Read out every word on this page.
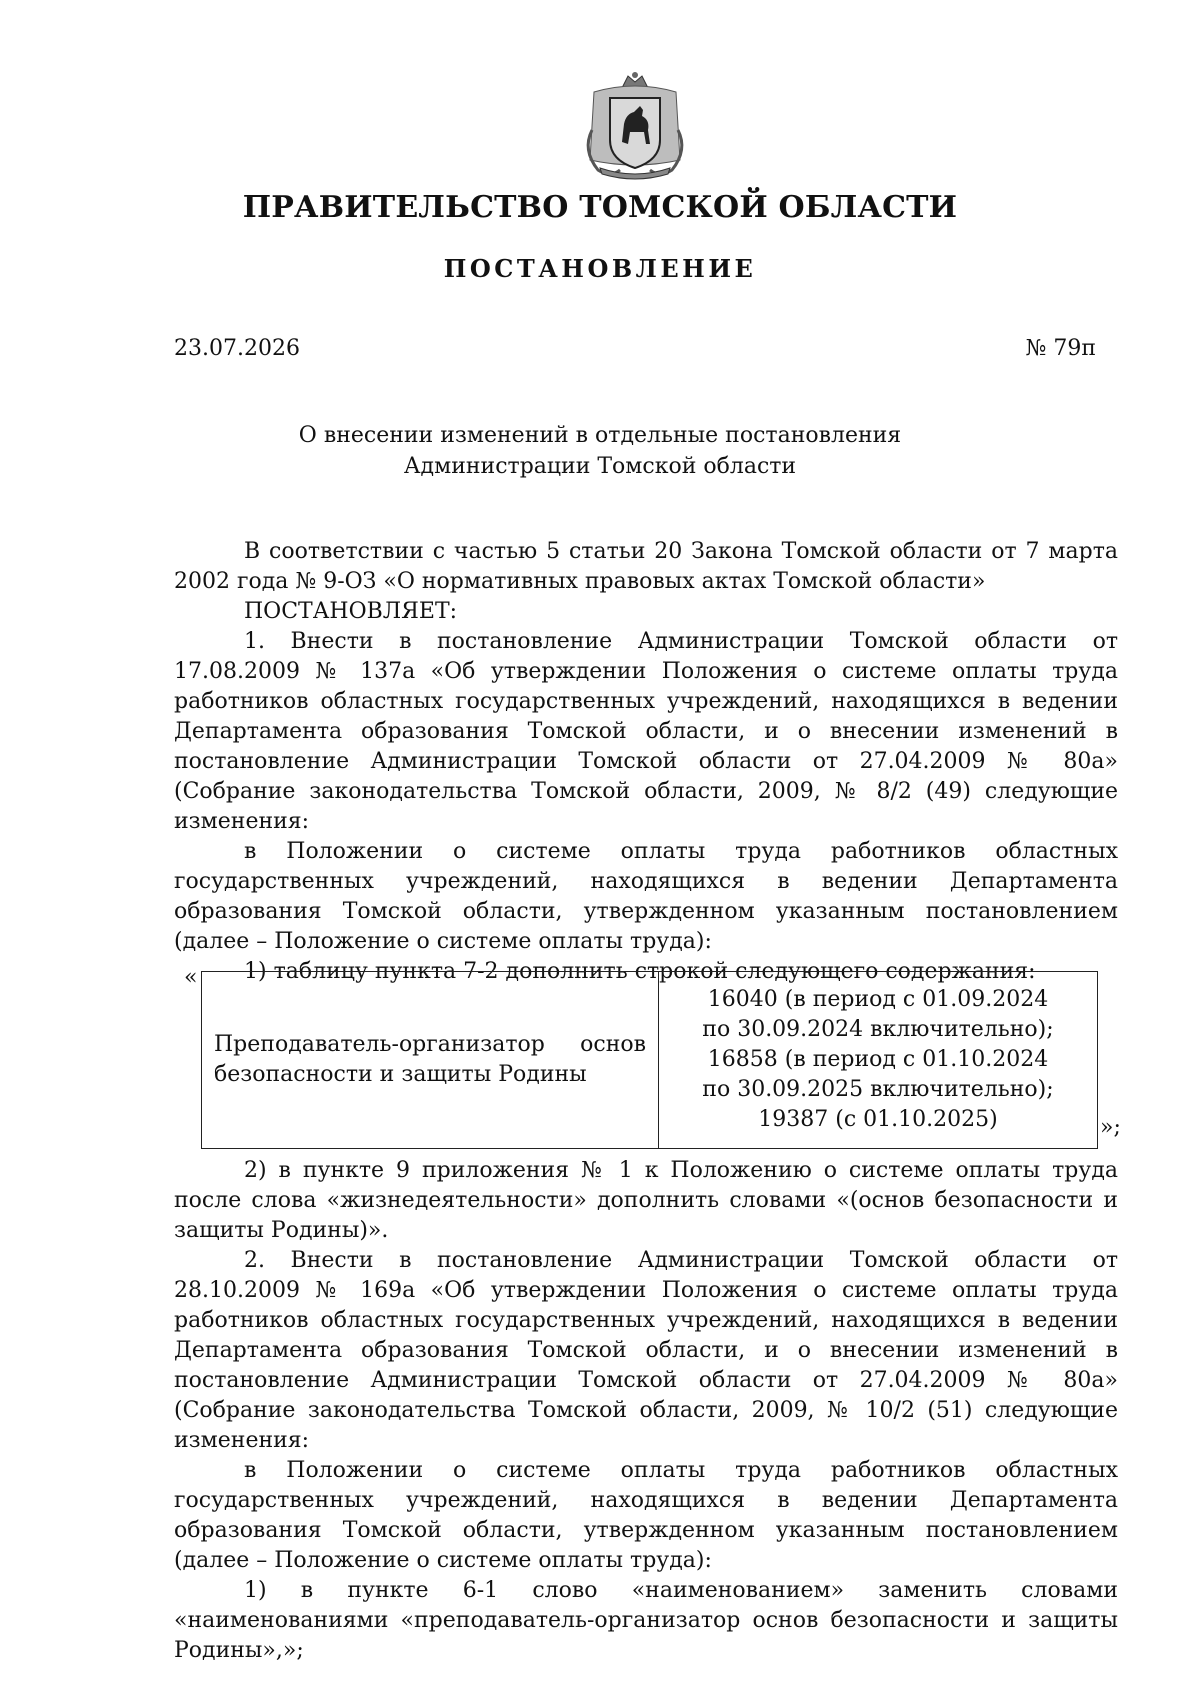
ПРАВИТЕЛЬСТВО ТОМСКОЙ ОБЛАСТИ
ПОСТАНОВЛЕНИЕ
23.07.2026	№ 79п
О внесении изменений в отдельные постановления
Администрации Томской области

В соответствии с частью 5 статьи 20 Закона Томской области от 7 марта 2002 года № 9-ОЗ «О нормативных правовых актах Томской области»

ПОСТАНОВЛЯЕТ:

1. Внести в постановление Администрации Томской области от 17.08.2009 № 137а «Об утверждении Положения о системе оплаты труда работников областных государственных учреждений, находящихся в ведении Департамента образования Томской области, и о внесении изменений в постановление Администрации Томской области от 27.04.2009 № 80а» (Собрание законодательства Томской области, 2009, № 8/2 (49) следующие изменения:

в Положении о системе оплаты труда работников областных государственных учреждений, находящихся в ведении Департамента образования Томской области, утвержденном указанным постановлением (далее – Положение о системе оплаты труда):

1) таблицу пункта 7-2 дополнить строкой следующего содержания:

«
Преподаватель-организатор основ
безопасности и защиты Родины

16040 (в период с 01.09.2024
по 30.09.2024 включительно);
16858 (в период с 01.10.2024
по 30.09.2025 включительно);
19387 (с 01.10.2025)	»;

2) в пункте 9 приложения № 1 к Положению о системе оплаты труда после слова «жизнедеятельности» дополнить словами «(основ безопасности и защиты Родины)».

2. Внести в постановление Администрации Томской области от 28.10.2009 № 169а «Об утверждении Положения о системе оплаты труда работников областных государственных учреждений, находящихся в ведении Департамента образования Томской области, и о внесении изменений в постановление Администрации Томской области от 27.04.2009 № 80а» (Собрание законодательства Томской области, 2009, № 10/2 (51) следующие изменения:

в Положении о системе оплаты труда работников областных государственных учреждений, находящихся в ведении Департамента образования Томской области, утвержденном указанным постановлением (далее – Положение о системе оплаты труда):

1) в пункте 6-1 слово «наименованием» заменить словами «наименованиями «преподаватель-организатор основ безопасности и защиты Родины»,»;
